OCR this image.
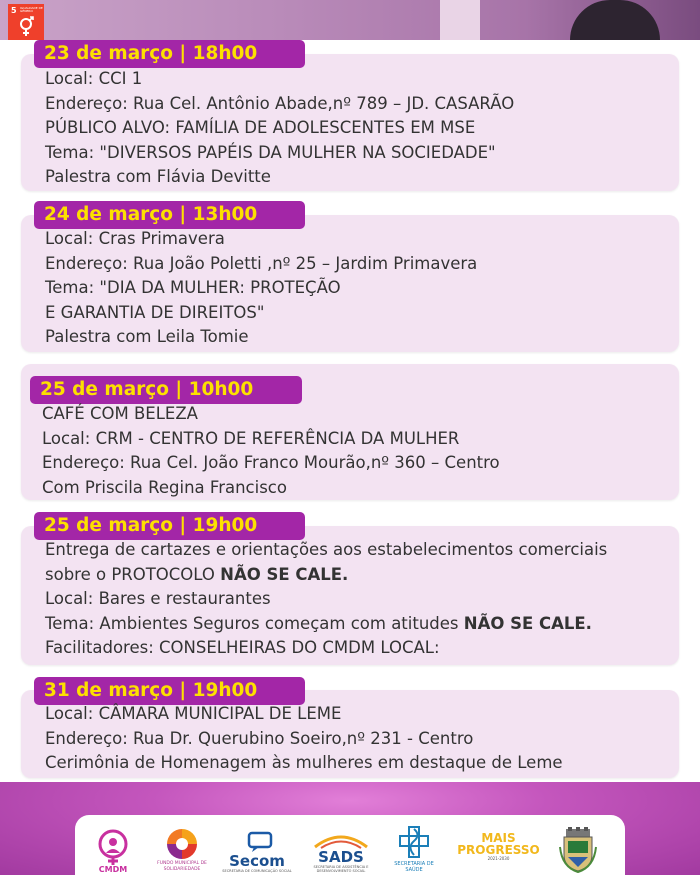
5 IGUALDADE DE GÊNERO
23 de março | 18h00
Local: CCI 1
Endereço: Rua Cel. Antônio Abade,nº 789 – JD. CASARÃO
PÚBLICO ALVO: FAMÍLIA DE ADOLESCENTES EM MSE
Tema: "DIVERSOS PAPÉIS DA MULHER NA SOCIEDADE"
Palestra com Flávia Devitte
24 de março | 13h00
Local: Cras Primavera
Endereço: Rua João Poletti ,nº 25 – Jardim Primavera
Tema: "DIA DA MULHER: PROTEÇÃO
E GARANTIA DE DIREITOS"
Palestra com Leila Tomie
25 de março | 10h00
CAFÉ COM BELEZA
Local: CRM - CENTRO DE REFERÊNCIA DA MULHER
Endereço: Rua Cel. João Franco Mourão,nº 360 – Centro
Com Priscila Regina Francisco
25 de março | 19h00
Entrega de cartazes e orientações aos estabelecimentos comerciais
sobre o PROTOCOLO NÃO SE CALE.
Local: Bares e restaurantes
Tema: Ambientes Seguros começam com atitudes NÃO SE CALE.
Facilitadores: CONSELHEIRAS DO CMDM LOCAL:
31 de março | 19h00
Local: CÂMARA MUNICIPAL DE LEME
Endereço: Rua Dr. Querubino Soeiro,nº 231 - Centro
Cerimônia de Homenagem às mulheres em destaque de Leme
CMDM
FUNDO MUNICIPAL DE SOLIDARIEDADE	Secom
SECRETARIA DE COMUNICAÇÃO SOCIAL
SADS
SECRETARIA DE ASSISTÊNCIA E DESENVOLVIMENTO SOCIAL
SECRETARIA DE SAÚDE
MAIS PROGRESSO
2021-2030
